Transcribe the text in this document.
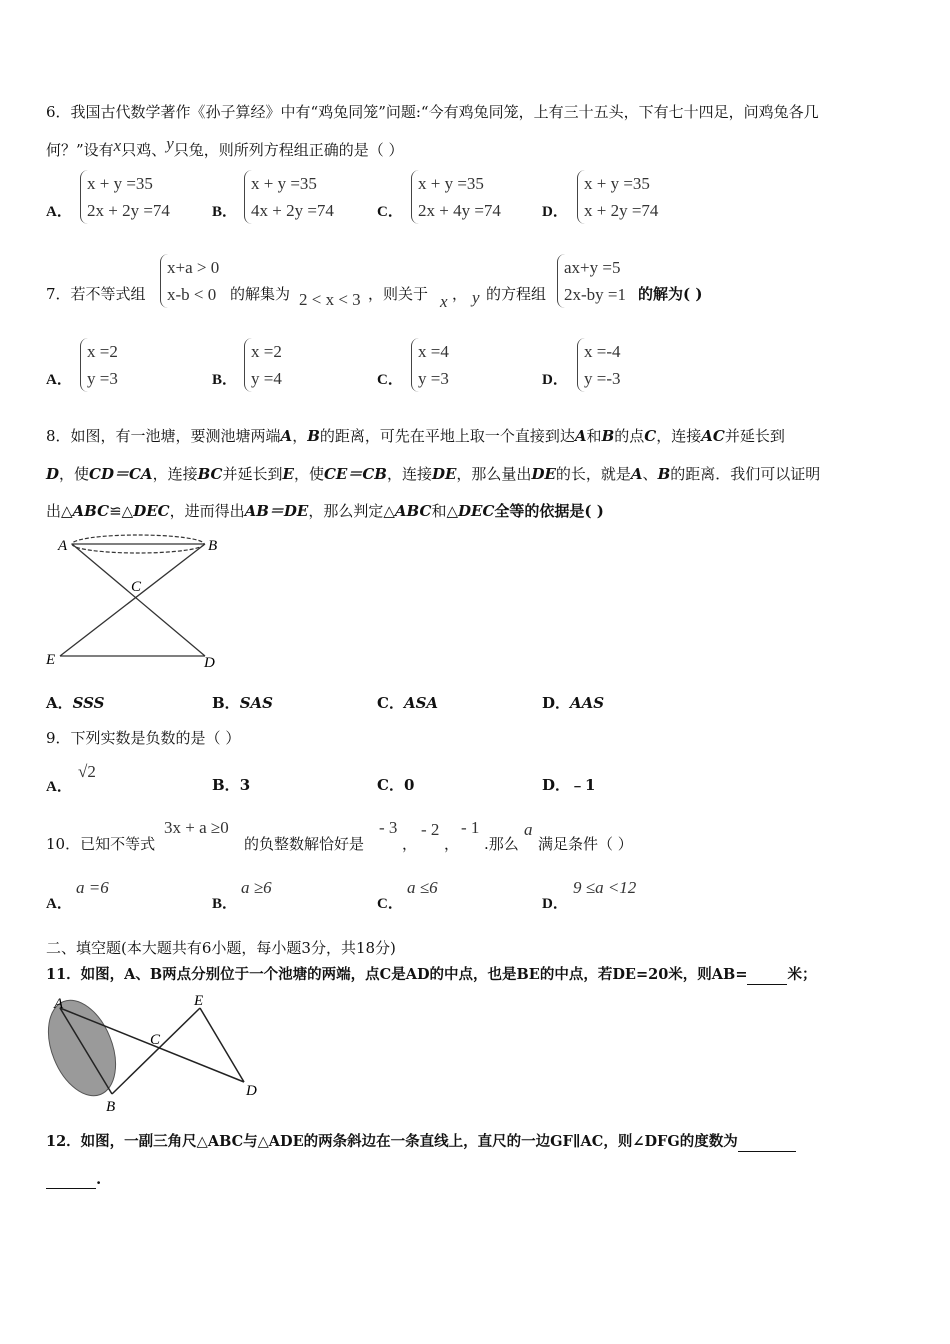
6．我国古代数学著作《孙子算经》中有“鸡兔同笼”问题:“今有鸡兔同笼，上有三十五头，下有七十四足，问鸡兔各几
何？”设有x只鸡、y只兔，则所列方程组正确的是（ ）
A．
x + y =35
2x + 2y =74	B．
x + y =35
4x + 2y =74	C．
x + y =35
2x + 4y =74	D．
x + y =35
x + 2y =74
7．若不等式组
x+a > 0
x-b < 0 的解集为 2 < x < 3 ，则关于 x ， y 的方程组
ax+y =5
2x-by =1 的解为( )
A．
x =2
y =3	B．
x =2
y =4	C．
x =4
y =3	D．
x =-4
y =-3
8．如图，有一池塘，要测池塘两端A，B的距离，可先在平地上取一个直接到达A和B的点C，连接AC并延长到
D，使CD＝CA，连接BC并延长到E，使CE＝CB，连接DE，那么量出DE的长，就是A、B的距离．我们可以证明
出△ABC≌△DEC，进而得出AB＝DE，那么判定△ABC和△DEC全等的依据是( )
A	B
C
E	D
A．SSS	B．SAS	C．ASA	D．AAS
9．下列实数是负数的是（ ）
A．
√2
B．3	C．0	D．﹣1
10．已知不等式
3x + a ≥0
的负整数解恰好是
- 3
，
- 2
，
- 1
.那么
a
满足条件（ ）
A．
a =6
B．
a ≥6
C．
a ≤6
D．
9 ≤a <12
二、填空题(本大题共有6小题，每小题3分，共18分)
11．如图，A、B两点分别位于一个池塘的两端，点C是AD的中点，也是BE的中点，若DE=20米，则AB=	米；
A
B
C
E
D
12．如图，一副三角尺△ABC与△ADE的两条斜边在一条直线上，直尺的一边GF∥AC，则∠DFG的度数为
.
